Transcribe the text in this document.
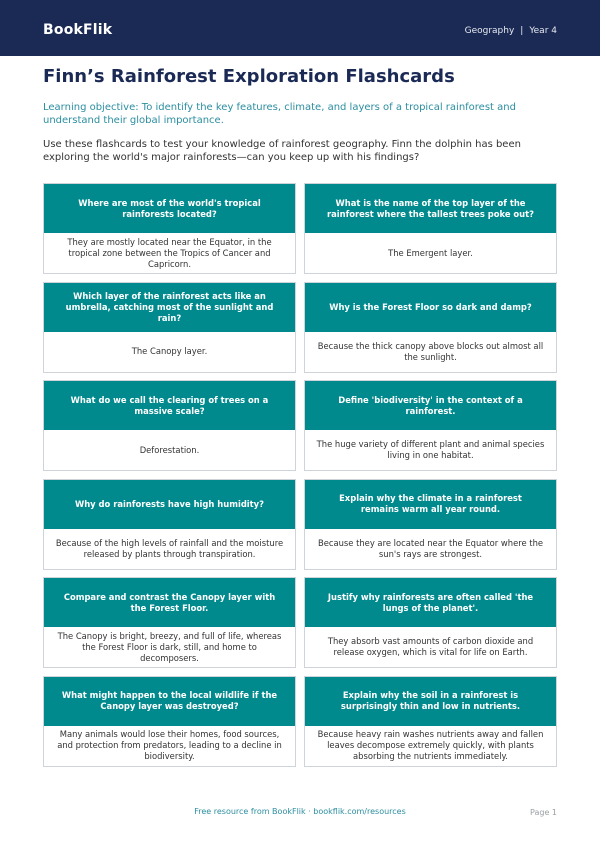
BookFlik	Geography | Year 4
Finn’s Rainforest Exploration Flashcards
Learning objective: To identify the key features, climate, and layers of a tropical rainforest and understand their global importance.
Use these flashcards to test your knowledge of rainforest geography. Finn the dolphin has been exploring the world's major rainforests—can you keep up with his findings?
Where are most of the world's tropical rainforests located?
They are mostly located near the Equator, in the tropical zone between the Tropics of Cancer and Capricorn.
What is the name of the top layer of the rainforest where the tallest trees poke out?
The Emergent layer.
Which layer of the rainforest acts like an umbrella, catching most of the sunlight and rain?
The Canopy layer.
Why is the Forest Floor so dark and damp?
Because the thick canopy above blocks out almost all the sunlight.
What do we call the clearing of trees on a massive scale?
Deforestation.
Define 'biodiversity' in the context of a rainforest.
The huge variety of different plant and animal species living in one habitat.
Why do rainforests have high humidity?
Because of the high levels of rainfall and the moisture released by plants through transpiration.
Explain why the climate in a rainforest remains warm all year round.
Because they are located near the Equator where the sun's rays are strongest.
Compare and contrast the Canopy layer with the Forest Floor.
The Canopy is bright, breezy, and full of life, whereas the Forest Floor is dark, still, and home to decomposers.
Justify why rainforests are often called 'the lungs of the planet'.
They absorb vast amounts of carbon dioxide and release oxygen, which is vital for life on Earth.
What might happen to the local wildlife if the Canopy layer was destroyed?
Many animals would lose their homes, food sources, and protection from predators, leading to a decline in biodiversity.
Explain why the soil in a rainforest is surprisingly thin and low in nutrients.
Because heavy rain washes nutrients away and fallen leaves decompose extremely quickly, with plants absorbing the nutrients immediately.
Free resource from BookFlik · bookflik.com/resources	Page 1
